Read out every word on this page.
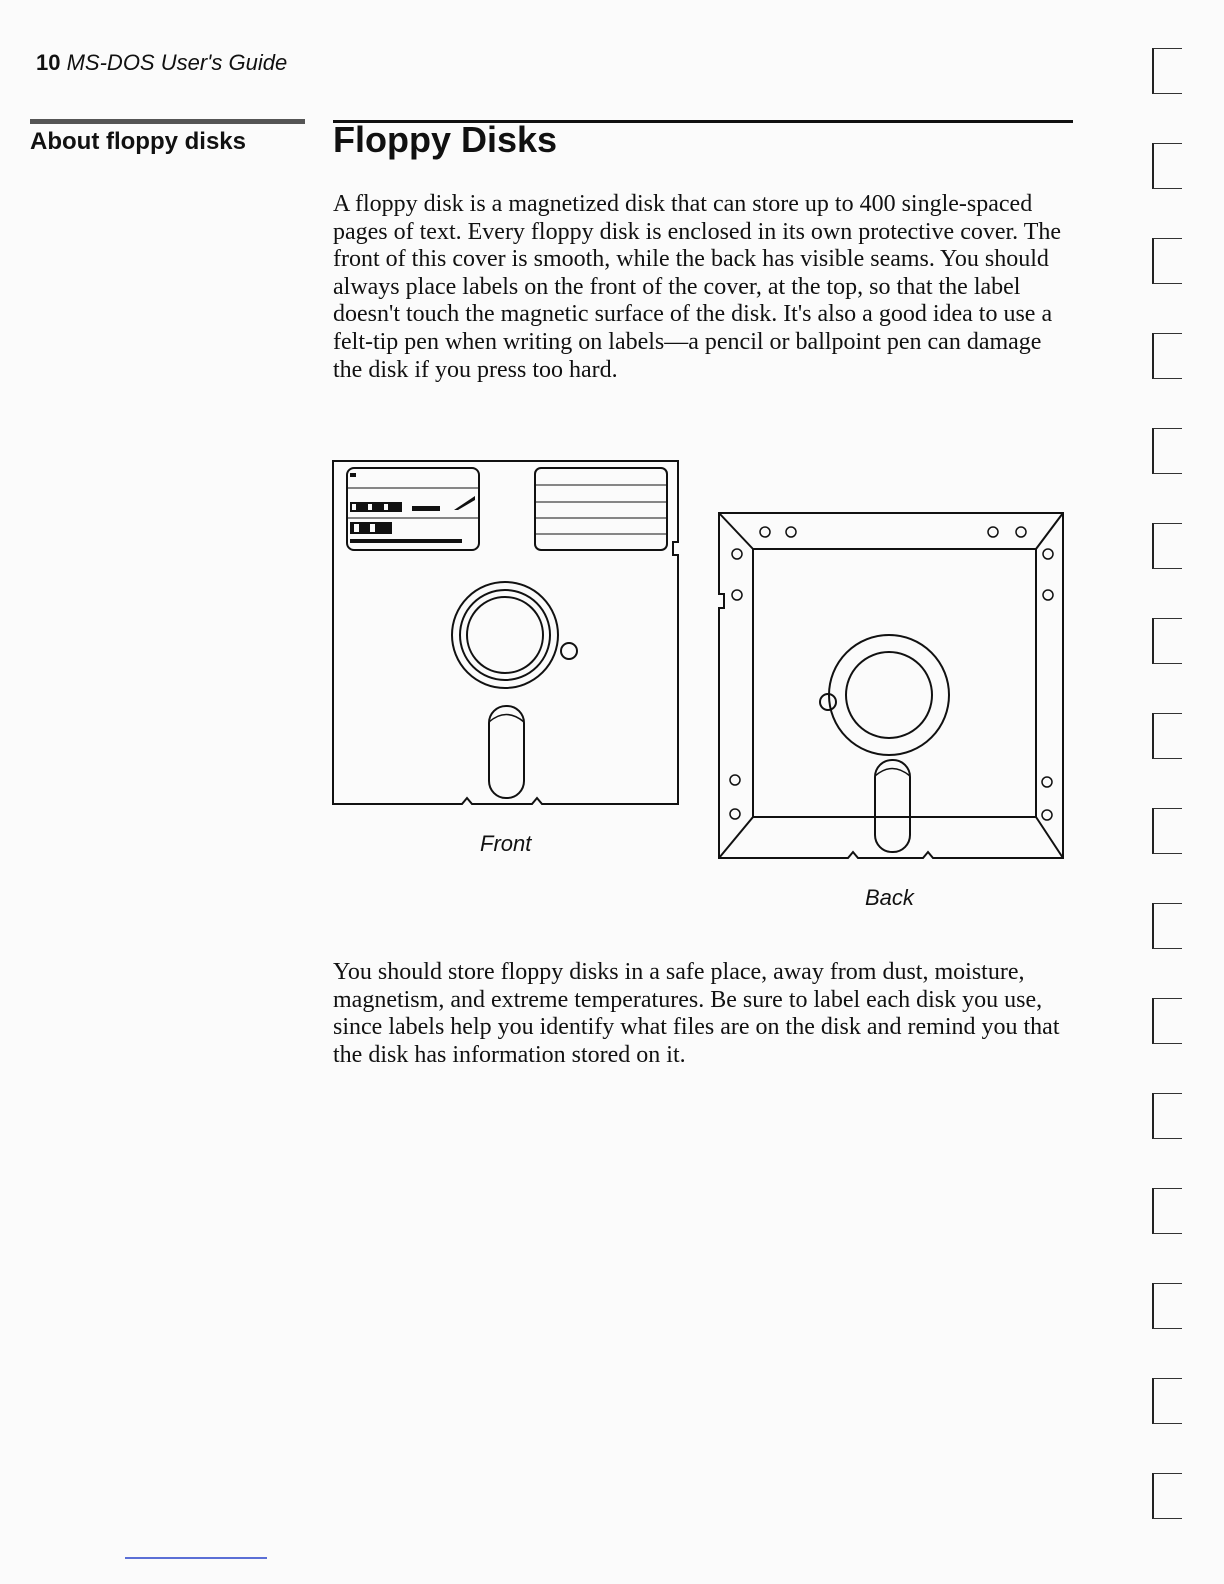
10 MS-DOS User's Guide
About floppy disks Floppy Disks

A floppy disk is a magnetized disk that can store up to 400 single-spaced pages of text. Every floppy disk is enclosed in its own protective cover. The front of this cover is smooth, while the back has visible seams. You should always place labels on the front of the cover, at the top, so that the label doesn't touch the magnetic surface of the disk. It's also a good idea to use a felt-tip pen when writing on labels—a pencil or ballpoint pen can damage the disk if you press too hard.

Front
Back

You should store floppy disks in a safe place, away from dust, moisture, magnetism, and extreme temperatures. Be sure to label each disk you use, since labels help you identify what files are on the disk and remind you that the disk has information stored on it.
